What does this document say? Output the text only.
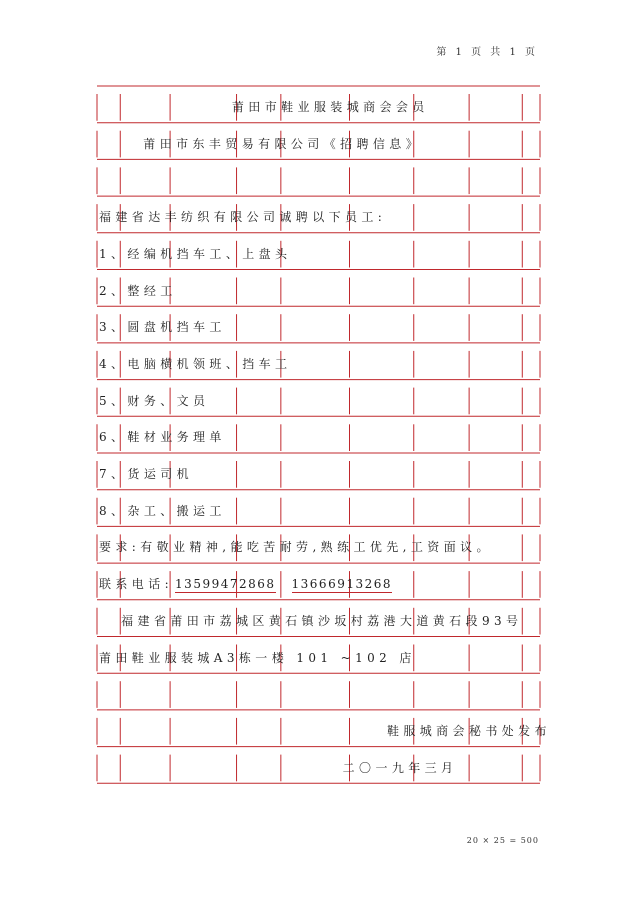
第 1 页 共 1 页
莆田市鞋业服装城商会会员
莆田市东丰贸易有限公司《招聘信息》
福建省达丰纺织有限公司诚聘以下员工:
1、经编机挡车工、上盘头
2、整经工
3、圆盘机挡车工
4、电脑横机领班、挡车工
5、财务、文员
6、鞋材业务理单
7、货运司机
8、杂工、搬运工
要求:有敬业精神,能吃苦耐劳,熟练工优先,工资面议。
联系电话: 13599472868 13666913268
福建省莆田市荔城区黄石镇沙坂村荔港大道黄石段93号
莆田鞋业服装城A3栋一楼 101 ~102 店
鞋服城商会秘书处发布
二〇一九年三月
20 × 25 = 500
